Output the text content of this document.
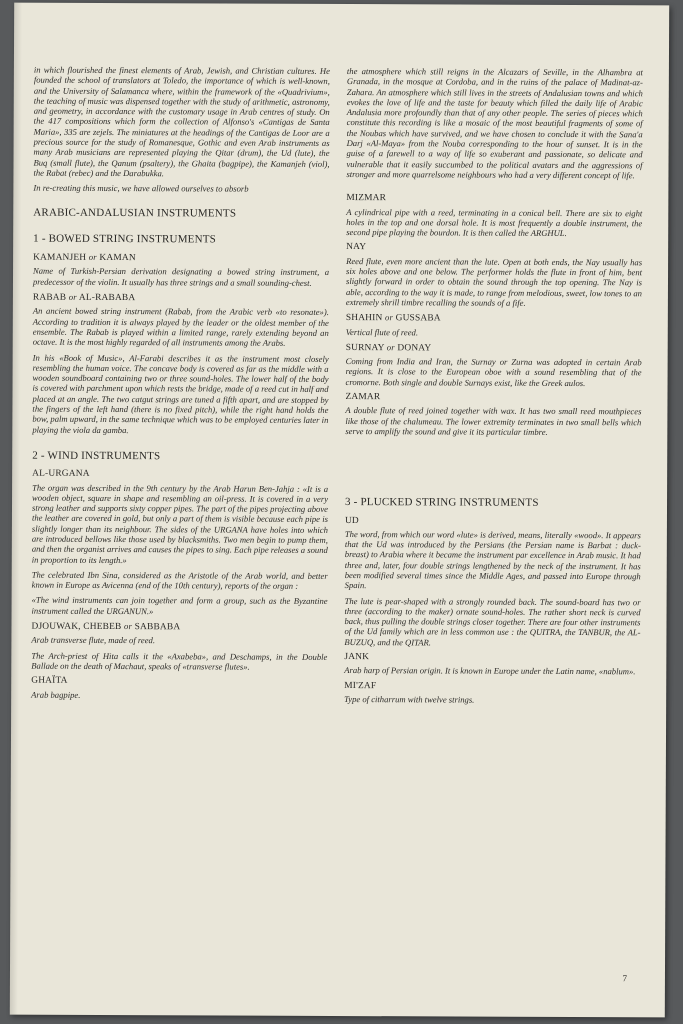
in which flourished the finest elements of Arab, Jewish, and Christian cultures. He founded the school of translators at Toledo, the importance of which is well-known, and the University of Salamanca where, within the framework of the «Quadrivium», the teaching of music was dispensed together with the study of arithmetic, astronomy, and geometry, in accordance with the customary usage in Arab centres of study. On the 417 compositions which form the collection of Alfonso's «Cantigas de Santa Maria», 335 are zejels. The miniatures at the headings of the Cantigas de Loor are a precious source for the study of Romanesque, Gothic and even Arab instruments as many Arab musicians are represented playing the Qitar (drum), the Ud (lute), the Buq (small flute), the Qanum (psaltery), the Ghaita (bagpipe), the Kamanjeh (viol), the Rabat (rebec) and the Darabukka.

In re-creating this music, we have allowed ourselves to absorb

ARABIC-ANDALUSIAN INSTRUMENTS
1 - BOWED STRING INSTRUMENTS
KAMANJEH or KAMAN

Name of Turkish-Persian derivation designating a bowed string instrument, a predecessor of the violin. It usually has three strings and a small sounding-chest.

RABAB or AL-RABABA

An ancient bowed string instrument (Rabab, from the Arabic verb «to resonate»). According to tradition it is always played by the leader or the oldest member of the ensemble. The Rabab is played within a limited range, rarely extending beyond an octave. It is the most highly regarded of all instruments among the Arabs.

In his «Book of Music», Al-Farabi describes it as the instrument most closely resembling the human voice. The concave body is covered as far as the middle with a wooden soundboard containing two or three sound-holes. The lower half of the body is covered with parchment upon which rests the bridge, made of a reed cut in half and placed at an angle. The two catgut strings are tuned a fifth apart, and are stopped by the fingers of the left hand (there is no fixed pitch), while the right hand holds the bow, palm upward, in the same technique which was to be employed centuries later in playing the viola da gamba.

2 - WIND INSTRUMENTS
AL-URGANA

The organ was described in the 9th century by the Arab Harun Ben-Jahja : «It is a wooden object, square in shape and resembling an oil-press. It is covered in a very strong leather and supports sixty copper pipes. The part of the pipes projecting above the leather are covered in gold, but only a part of them is visible because each pipe is slightly longer than its neighbour. The sides of the URGANA have holes into which are introduced bellows like those used by blacksmiths. Two men begin to pump them, and then the organist arrives and causes the pipes to sing. Each pipe releases a sound in proportion to its length.»

The celebrated Ibn Sina, considered as the Aristotle of the Arab world, and better known in Europe as Avicenna (end of the 10th century), reports of the organ :

«The wind instruments can join together and form a group, such as the Byzantine instrument called the URGANUN.»

DJOUWAK, CHEBEB or SABBABA

Arab transverse flute, made of reed.

The Arch-priest of Hita calls it the «Axabeba», and Deschamps, in the Double Ballade on the death of Machaut, speaks of «transverse flutes».

GHAÏTA

Arab bagpipe.

the atmosphere which still reigns in the Alcazars of Seville, in the Alhambra at Granada, in the mosque at Cordoba, and in the ruins of the palace of Madinat-az-Zahara. An atmosphere which still lives in the streets of Andalusian towns and which evokes the love of life and the taste for beauty which filled the daily life of Arabic Andalusia more profoundly than that of any other people. The series of pieces which constitute this recording is like a mosaic of the most beautiful fragments of some of the Noubas which have survived, and we have chosen to conclude it with the Sana'a Darj «Al-Maya» from the Nouba corresponding to the hour of sunset. It is in the guise of a farewell to a way of life so exuberant and passionate, so delicate and vulnerable that it easily succumbed to the political avatars and the aggressions of stronger and more quarrelsome neighbours who had a very different concept of life.

MIZMAR

A cylindrical pipe with a reed, terminating in a conical bell. There are six to eight holes in the top and one dorsal hole. It is most frequently a double instrument, the second pipe playing the bourdon. It is then called the ARGHUL.

NAY

Reed flute, even more ancient than the lute. Open at both ends, the Nay usually has six holes above and one below. The performer holds the flute in front of him, bent slightly forward in order to obtain the sound through the top opening. The Nay is able, according to the way it is made, to range from melodious, sweet, low tones to an extremely shrill timbre recalling the sounds of a fife.

SHAHIN or GUSSABA

Vertical flute of reed.

SURNAY or DONAY

Coming from India and Iran, the Surnay or Zurna was adopted in certain Arab regions. It is close to the European oboe with a sound resembling that of the cromorne. Both single and double Surnays exist, like the Greek aulos.

ZAMAR

A double flute of reed joined together with wax. It has two small reed mouthpieces like those of the chalumeau. The lower extremity terminates in two small bells which serve to amplify the sound and give it its particular timbre.

3 - PLUCKED STRING INSTRUMENTS
UD

The word, from which our word «lute» is derived, means, literally «wood». It appears that the Ud was introduced by the Persians (the Persian name is Barbat : duck-breast) to Arabia where it became the instrument par excellence in Arab music. It had three and, later, four double strings lengthened by the neck of the instrument. It has been modified several times since the Middle Ages, and passed into Europe through Spain.

The lute is pear-shaped with a strongly rounded back. The sound-board has two or three (according to the maker) ornate sound-holes. The rather short neck is curved back, thus pulling the double strings closer together. There are four other instruments of the Ud family which are in less common use : the QUITRA, the TANBUR, the AL-BUZUQ, and the QITAR.

JANK

Arab harp of Persian origin. It is known in Europe under the Latin name, «nablum».

MI'ZAF

Type of citharrum with twelve strings.

7
